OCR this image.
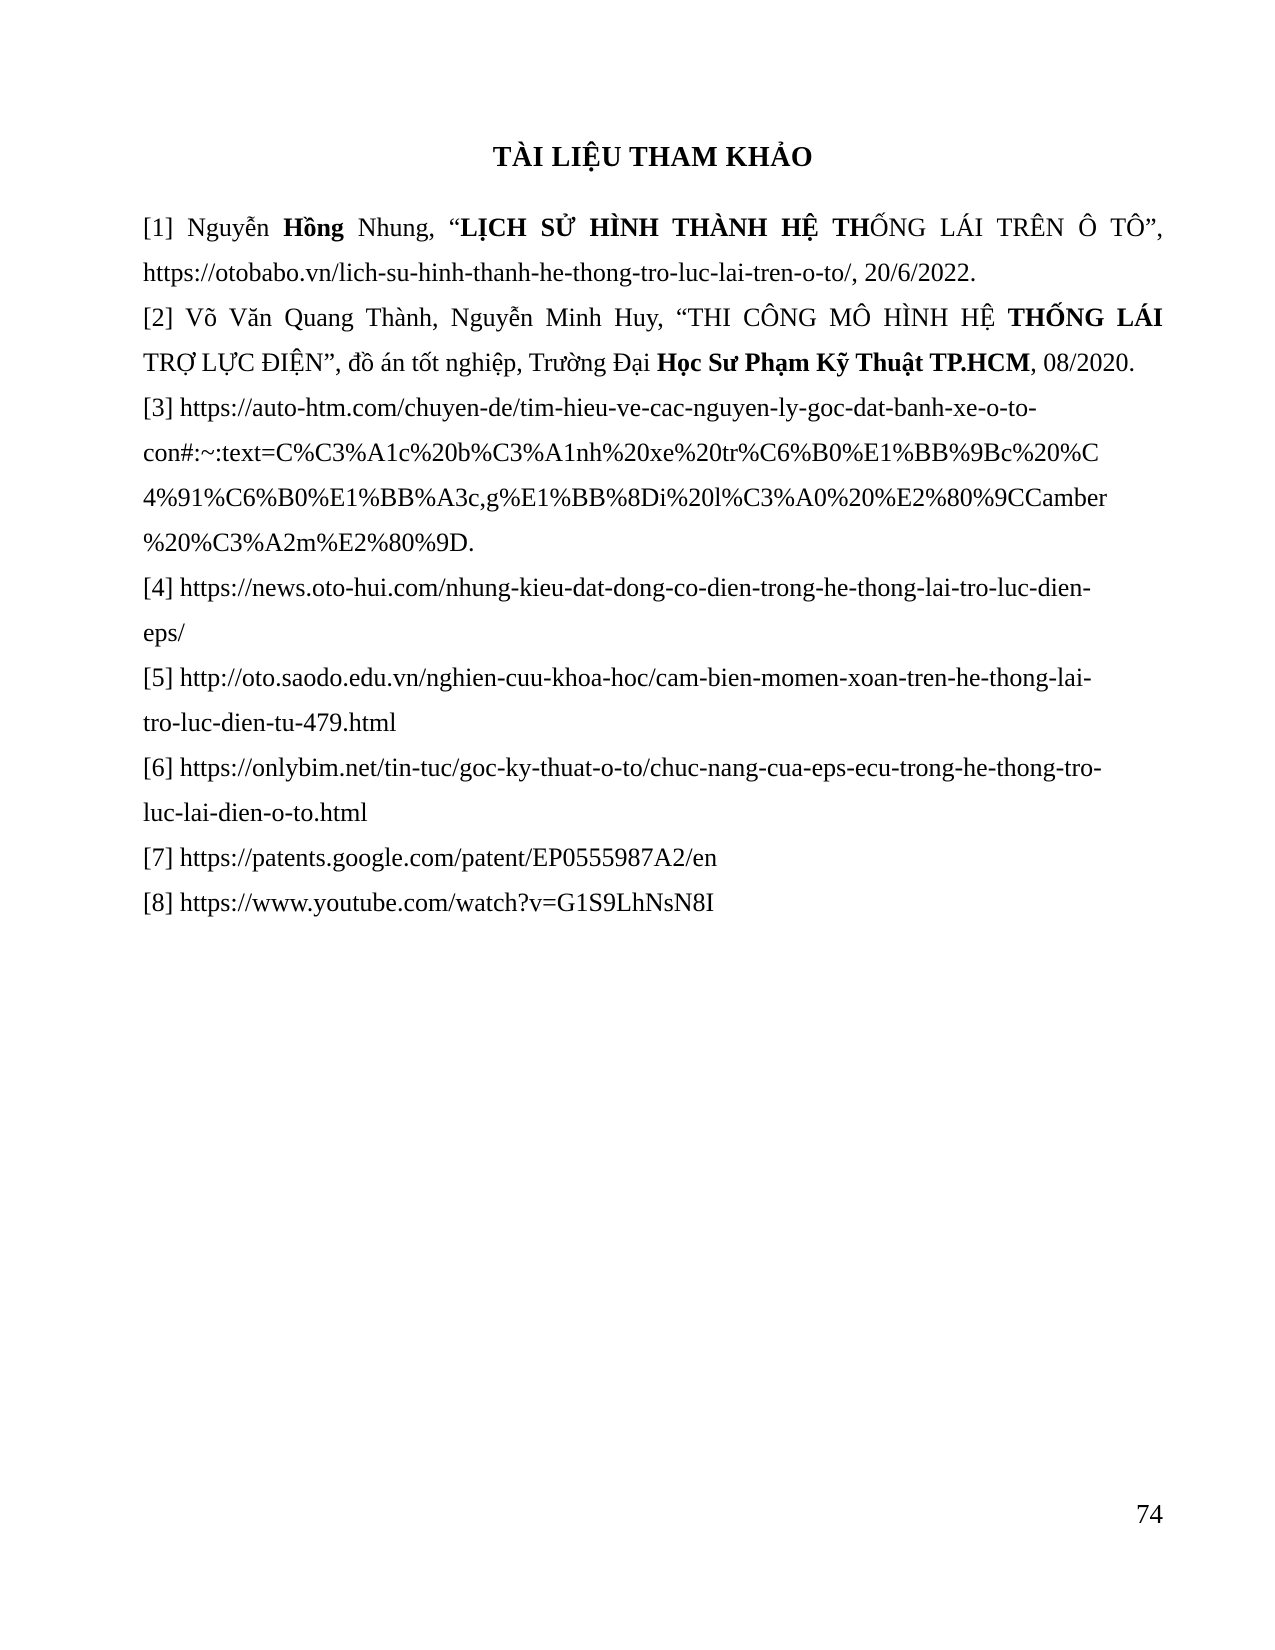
TÀI LIỆU THAM KHẢO
[1] Nguyễn Hồng Nhung, “LỊCH SỬ HÌNH THÀNH HỆ THỐNG LÁI TRÊN Ô TÔ”,
https://otobabo.vn/lich-su-hinh-thanh-he-thong-tro-luc-lai-tren-o-to/, 20/6/2022.
[2] Võ Văn Quang Thành, Nguyễn Minh Huy, “THI CÔNG MÔ HÌNH HỆ THỐNG LÁI
TRỢ LỰC ĐIỆN”, đồ án tốt nghiệp, Trường Đại Học Sư Phạm Kỹ Thuật TP.HCM, 08/2020.
[3] https://auto-htm.com/chuyen-de/tim-hieu-ve-cac-nguyen-ly-goc-dat-banh-xe-o-to-
con#:~:text=C%C3%A1c%20b%C3%A1nh%20xe%20tr%C6%B0%E1%BB%9Bc%20%C
4%91%C6%B0%E1%BB%A3c,g%E1%BB%8Di%20l%C3%A0%20%E2%80%9CCamber
%20%C3%A2m%E2%80%9D.
[4] https://news.oto-hui.com/nhung-kieu-dat-dong-co-dien-trong-he-thong-lai-tro-luc-dien-
eps/
[5] http://oto.saodo.edu.vn/nghien-cuu-khoa-hoc/cam-bien-momen-xoan-tren-he-thong-lai-
tro-luc-dien-tu-479.html
[6] https://onlybim.net/tin-tuc/goc-ky-thuat-o-to/chuc-nang-cua-eps-ecu-trong-he-thong-tro-
luc-lai-dien-o-to.html
[7] https://patents.google.com/patent/EP0555987A2/en
[8] https://www.youtube.com/watch?v=G1S9LhNsN8I
74
